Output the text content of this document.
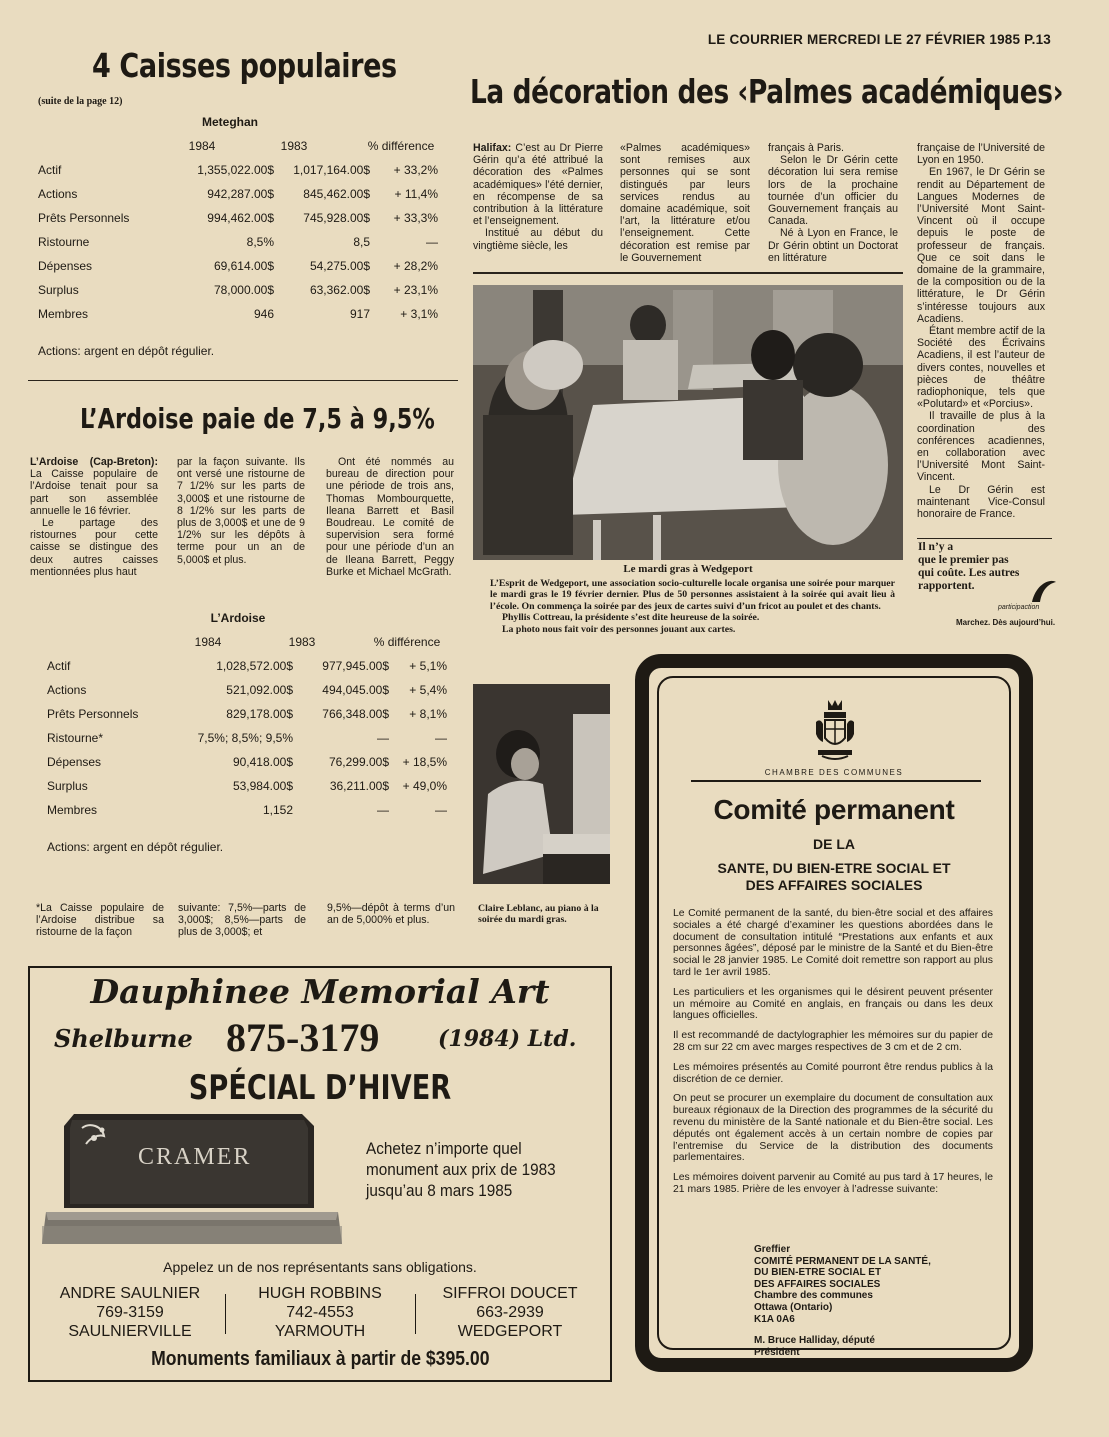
LE COURRIER MERCREDI LE 27 FÉVRIER 1985 P.13
4 Caisses populaires
(suite de la page 12)
Meteghan
1984	1983	% différence
Actif	1,355,022.00$	1,017,164.00$	+ 33,2%
Actions	942,287.00$	845,462.00$	+ 11,4%
Prêts Personnels	994,462.00$	745,928.00$	+ 33,3%
Ristourne	8,5%	8,5	—
Dépenses	69,614.00$	54,275.00$	+ 28,2%
Surplus	78,000.00$	63,362.00$	+ 23,1%
Membres	946	917	+ 3,1%
Actions: argent en dépôt régulier.
L’Ardoise paie de 7,5 à 9,5%

L’Ardoise (Cap-Breton): La Caisse populaire de l’Ardoise tenait pour sa part son assemblée annuelle le 16 février.

Le partage des ristournes pour cette caisse se distingue des deux autres caisses mentionnées plus haut

par la façon suivante. Ils ont versé une ristourne de 7 1/2% sur les parts de 3,000$ et une ristourne de 8 1/2% sur les parts de plus de 3,000$ et une de 9 1/2% sur les dépôts à terme pour un an de 5,000$ et plus.

Ont été nommés au bureau de direction pour une période de trois ans, Thomas Mombourquette, Ileana Barrett et Basil Boudreau. Le comité de supervision sera formé pour une période d’un an de Ileana Barrett, Peggy Burke et Michael McGrath.

L’Ardoise
1984	1983	% différence
Actif	1,028,572.00$	977,945.00$	+ 5,1%
Actions	521,092.00$	494,045.00$	+ 5,4%
Prêts Personnels	829,178.00$	766,348.00$	+ 8,1%
Ristourne*	7,5%; 8,5%; 9,5%	—	—
Dépenses	90,418.00$	76,299.00$	+ 18,5%
Surplus	53,984.00$	36,211.00$	+ 49,0%
Membres	1,152	—	—
Actions: argent en dépôt régulier.

*La Caisse populaire de l’Ardoise distribue sa ristourne de la façon

suivante: 7,5%—parts de 3,000$; 8,5%—parts de plus de 3,000$; et

9,5%—dépôt à terms d’un an de 5,000% et plus.

La décoration des ‹Palmes académiques›

Halifax: C’est au Dr Pierre Gérin qu’a été attribué la décoration des «Palmes académiques» l’été dernier, en récompense de sa contribution à la littérature et l’enseignement.

Institué au début du vingtième siècle, les

«Palmes académiques» sont remises aux personnes qui se sont distingués par leurs services rendus au domaine académique, soit l’art, la littérature et/ou l’enseignement. Cette décoration est remise par le Gouvernement

français à Paris.

Selon le Dr Gérin cette décoration lui sera remise lors de la prochaine tournée d’un officier du Gouvernement français au Canada.

Né à Lyon en France, le Dr Gérin obtint un Doctorat en littérature

française de l’Université de Lyon en 1950.

En 1967, le Dr Gérin se rendit au Département de Langues Modernes de l’Université Mont Saint-Vincent où il occupe depuis le poste de professeur de français. Que ce soit dans le domaine de la grammaire, de la composition ou de la littérature, le Dr Gérin s’intéresse toujours aux Acadiens.

Étant membre actif de la Société des Écrivains Acadiens, il est l’auteur de divers contes, nouvelles et pièces de théâtre radiophonique, tels que «Polutard» et «Porcius».

Il travaille de plus à la coordination des conférences acadiennes, en collaboration avec l’Université Mont Saint-Vincent.

Le Dr Gérin est maintenant Vice-Consul honoraire de France.

Le mardi gras à Wedgeport
L’Esprit de Wedgeport, une association socio-culturelle locale organisa une soirée pour marquer le mardi gras le 19 février dernier. Plus de 50 personnes assistaient à la soirée qui avait lieu à l’école. On commença la soirée par des jeux de cartes suivi d’un fricot au poulet et des chants.
Phyllis Cottreau, la présidente s’est dite heureuse de la soirée.
La photo nous fait voir des personnes jouant aux cartes.
Il n’y a
que le premier pas
qui coûte. Les autres
rapportent.
participaction
Marchez. Dès aujourd’hui.
Claire Leblanc, au piano à la soirée du mardi gras.
Dauphinee Memorial Art
Shelburne 875-3179	(1984) Ltd.
SPÉCIAL D’HIVER
CRAMER	Achetez n’importe quel
monument aux prix de 1983
jusqu’au 8 mars 1985
Appelez un de nos représentants sans obligations.
ANDRE SAULNIER
769-3159
SAULNIERVILLE
HUGH ROBBINS
742-4553
YARMOUTH
SIFFROI DOUCET
663-2939
WEDGEPORT
Monuments familiaux à partir de $395.00
CHAMBRE DES COMMUNES
Comité permanent
DE LA
SANTE, DU BIEN-ETRE SOCIAL ET
DES AFFAIRES SOCIALES

Le Comité permanent de la santé, du bien-être social et des affaires sociales a été chargé d’examiner les questions abordées dans le document de consultation intitulé “Prestations aux enfants et aux personnes âgées”, déposé par le ministre de la Santé et du Bien-être social le 28 janvier 1985. Le Comité doit remettre son rapport au plus tard le 1er avril 1985.

Les particuliers et les organismes qui le désirent peuvent présenter un mémoire au Comité en anglais, en français ou dans les deux langues officielles.

Il est recommandé de dactylographier les mémoires sur du papier de 28 cm sur 22 cm avec marges respectives de 3 cm et de 2 cm.

Les mémoires présentés au Comité pourront être rendus publics à la discrétion de ce dernier.

On peut se procurer un exemplaire du document de consultation aux bureaux régionaux de la Direction des programmes de la sécurité du revenu du ministère de la Santé nationale et du Bien-être social. Les députés ont également accès à un certain nombre de copies par l’entremise du Service de la distribution des documents parlementaires.

Les mémoires doivent parvenir au Comité au pus tard à 17 heures, le 21 mars 1985. Prière de les envoyer à l’adresse suivante:

Greffier
COMITÉ PERMANENT DE LA SANTÉ,
DU BIEN-ETRE SOCIAL ET
DES AFFAIRES SOCIALES
Chambre des communes
Ottawa (Ontario)
K1A 0A6
M. Bruce Halliday, député
Président
